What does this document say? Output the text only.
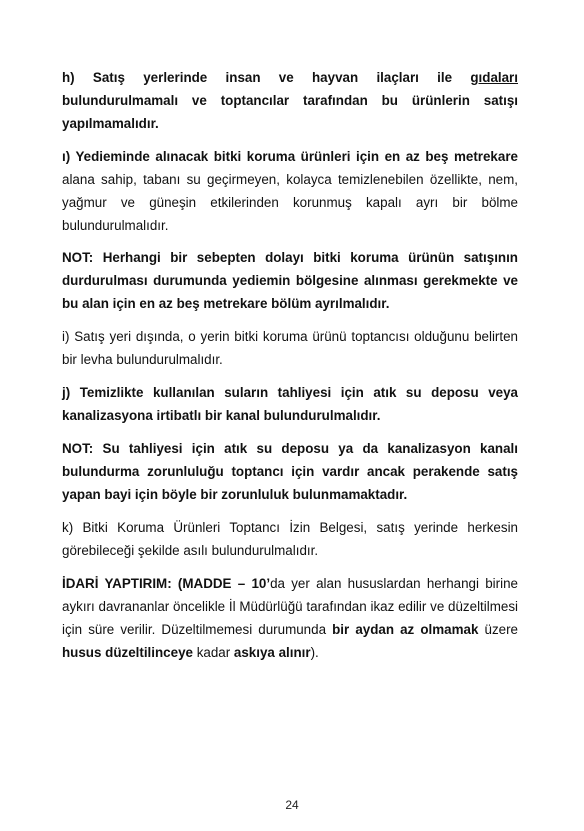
h) Satış yerlerinde insan ve hayvan ilaçları ile gıdaları bulundurulmamalı ve toptancılar tarafından bu ürünlerin satışı yapılmamalıdır.

ı) Yedieminde alınacak bitki koruma ürünleri için en az beş metrekare alana sahip, tabanı su geçirmeyen, kolayca temizlenebilen özellikte, nem, yağmur ve güneşin etkilerinden korunmuş kapalı ayrı bir bölme bulundurulmalıdır.

NOT: Herhangi bir sebepten dolayı bitki koruma ürünün satışının durdurulması durumunda yediemin bölgesine alınması gerekmekte ve bu alan için en az beş metrekare bölüm ayrılmalıdır.

i) Satış yeri dışında, o yerin bitki koruma ürünü toptancısı olduğunu belirten bir levha bulundurulmalıdır.

j) Temizlikte kullanılan suların tahliyesi için atık su deposu veya kanalizasyona irtibatlı bir kanal bulundurulmalıdır.

NOT: Su tahliyesi için atık su deposu ya da kanalizasyon kanalı bulundurma zorunluluğu toptancı için vardır ancak perakende satış yapan bayi için böyle bir zorunluluk bulunmamaktadır.

k) Bitki Koruma Ürünleri Toptancı İzin Belgesi, satış yerinde herkesin görebileceği şekilde asılı bulundurulmalıdır.

İDARİ YAPTIRIM: (MADDE – 10’da yer alan hususlardan herhangi birine aykırı davrananlar öncelikle İl Müdürlüğü tarafından ikaz edilir ve düzeltilmesi için süre verilir. Düzeltilmemesi durumunda bir aydan az olmamak üzere husus düzeltilinceye kadar askıya alınır).

24
